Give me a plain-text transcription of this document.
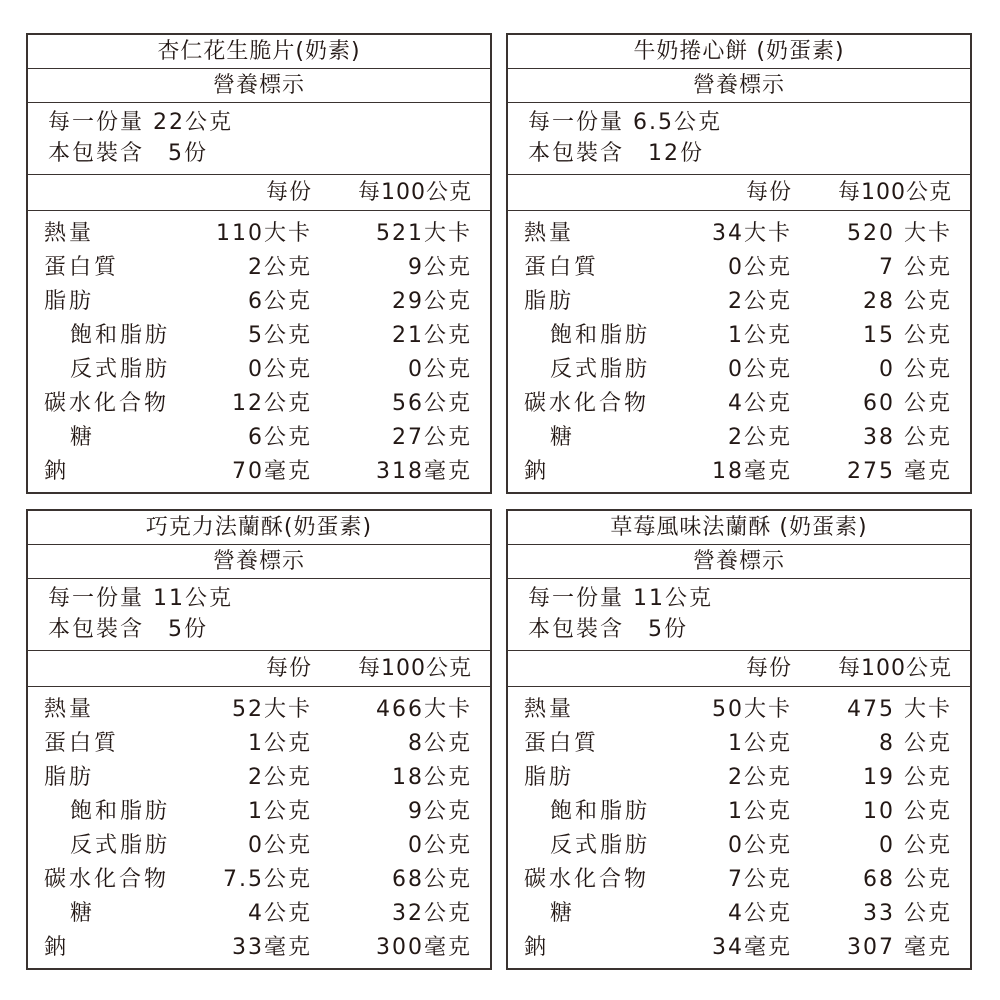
杏仁花生脆片(奶素)
營養標示
每一份量 22公克
本包裝含　5份
每份 每100公克
熱量	110大卡	521大卡
蛋白質	2公克	9公克
脂肪	6公克	29公克
飽和脂肪	5公克	21公克
反式脂肪	0公克	0公克
碳水化合物	12公克	56公克
糖	6公克	27公克
鈉	70毫克	318毫克
牛奶捲心餅 (奶蛋素)
營養標示
每一份量 6.5公克
本包裝含　12份
每份 每100公克
熱量	34大卡	520 大卡
蛋白質	0公克	7 公克
脂肪	2公克	28 公克
飽和脂肪	1公克	15 公克
反式脂肪	0公克	0 公克
碳水化合物	4公克	60 公克
糖	2公克	38 公克
鈉	18毫克	275 毫克
巧克力法蘭酥(奶蛋素)
營養標示
每一份量 11公克
本包裝含　5份
每份 每100公克
熱量	52大卡	466大卡
蛋白質	1公克	8公克
脂肪	2公克	18公克
飽和脂肪	1公克	9公克
反式脂肪	0公克	0公克
碳水化合物 7.5公克	68公克
糖	4公克	32公克
鈉	33毫克	300毫克
草莓風味法蘭酥 (奶蛋素)
營養標示
每一份量 11公克
本包裝含　5份
每份 每100公克
熱量	50大卡	475 大卡
蛋白質	1公克	8 公克
脂肪	2公克	19 公克
飽和脂肪	1公克	10 公克
反式脂肪	0公克	0 公克
碳水化合物	7公克	68 公克
糖	4公克	33 公克
鈉	34毫克	307 毫克
